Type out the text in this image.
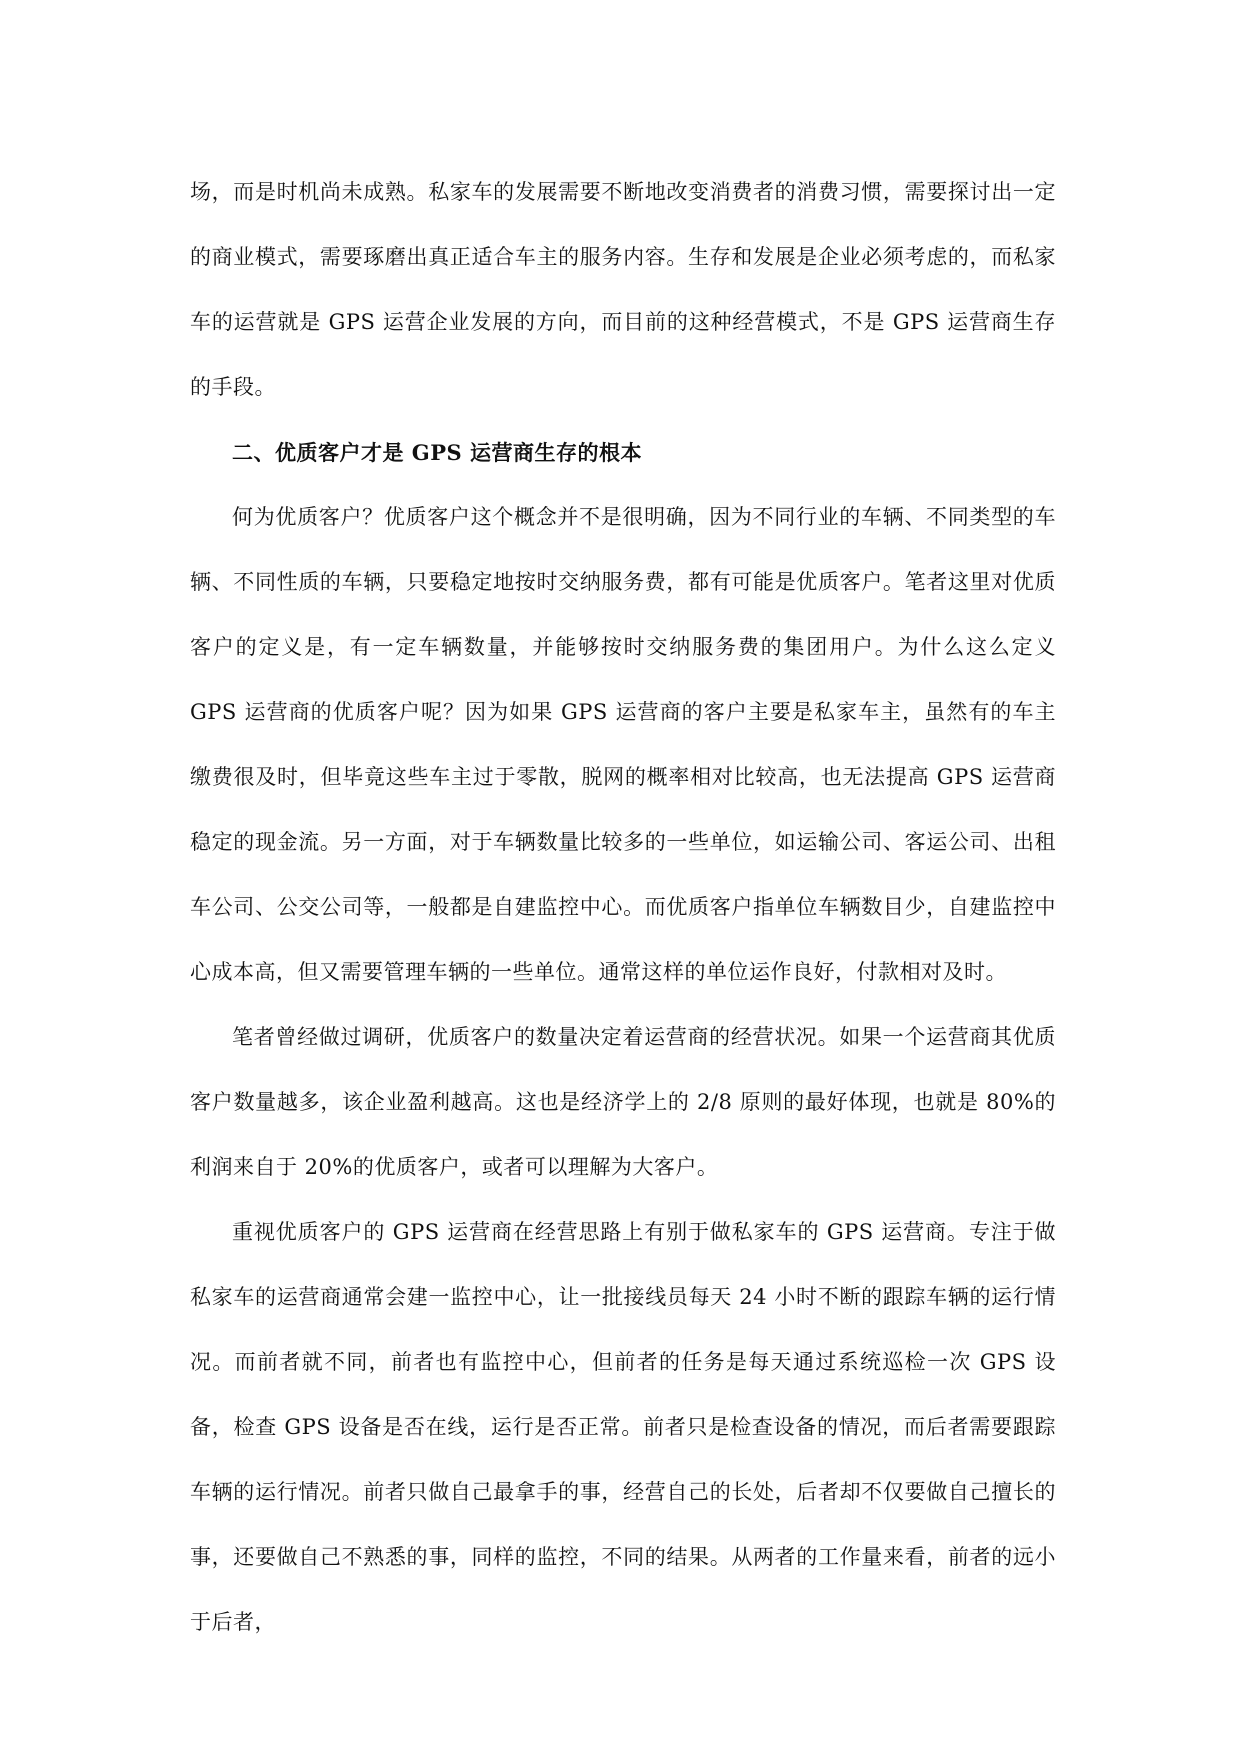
场，而是时机尚未成熟。私家车的发展需要不断地改变消费者的消费习惯，需要探讨出一定的商业模式，需要琢磨出真正适合车主的服务内容。生存和发展是企业必须考虑的，而私家车的运营就是 GPS 运营企业发展的方向，而目前的这种经营模式，不是 GPS 运营商生存的手段。

二、优质客户才是 GPS 运营商生存的根本

何为优质客户？优质客户这个概念并不是很明确，因为不同行业的车辆、不同类型的车辆、不同性质的车辆，只要稳定地按时交纳服务费，都有可能是优质客户。笔者这里对优质客户的定义是，有一定车辆数量，并能够按时交纳服务费的集团用户。为什么这么定义 GPS 运营商的优质客户呢？因为如果 GPS 运营商的客户主要是私家车主，虽然有的车主缴费很及时，但毕竟这些车主过于零散，脱网的概率相对比较高，也无法提高 GPS 运营商稳定的现金流。另一方面，对于车辆数量比较多的一些单位，如运输公司、客运公司、出租车公司、公交公司等，一般都是自建监控中心。而优质客户指单位车辆数目少，自建监控中心成本高，但又需要管理车辆的一些单位。通常这样的单位运作良好，付款相对及时。

笔者曾经做过调研，优质客户的数量决定着运营商的经营状况。如果一个运营商其优质客户数量越多，该企业盈利越高。这也是经济学上的 2/8 原则的最好体现，也就是 80%的利润来自于 20%的优质客户，或者可以理解为大客户。

重视优质客户的 GPS 运营商在经营思路上有别于做私家车的 GPS 运营商。专注于做私家车的运营商通常会建一监控中心，让一批接线员每天 24 小时不断的跟踪车辆的运行情况。而前者就不同，前者也有监控中心，但前者的任务是每天通过系统巡检一次 GPS 设备，检查 GPS 设备是否在线，运行是否正常。前者只是检查设备的情况，而后者需要跟踪车辆的运行情况。前者只做自己最拿手的事，经营自己的长处，后者却不仅要做自己擅长的事，还要做自己不熟悉的事，同样的监控，不同的结果。从两者的工作量来看，前者的远小于后者，
